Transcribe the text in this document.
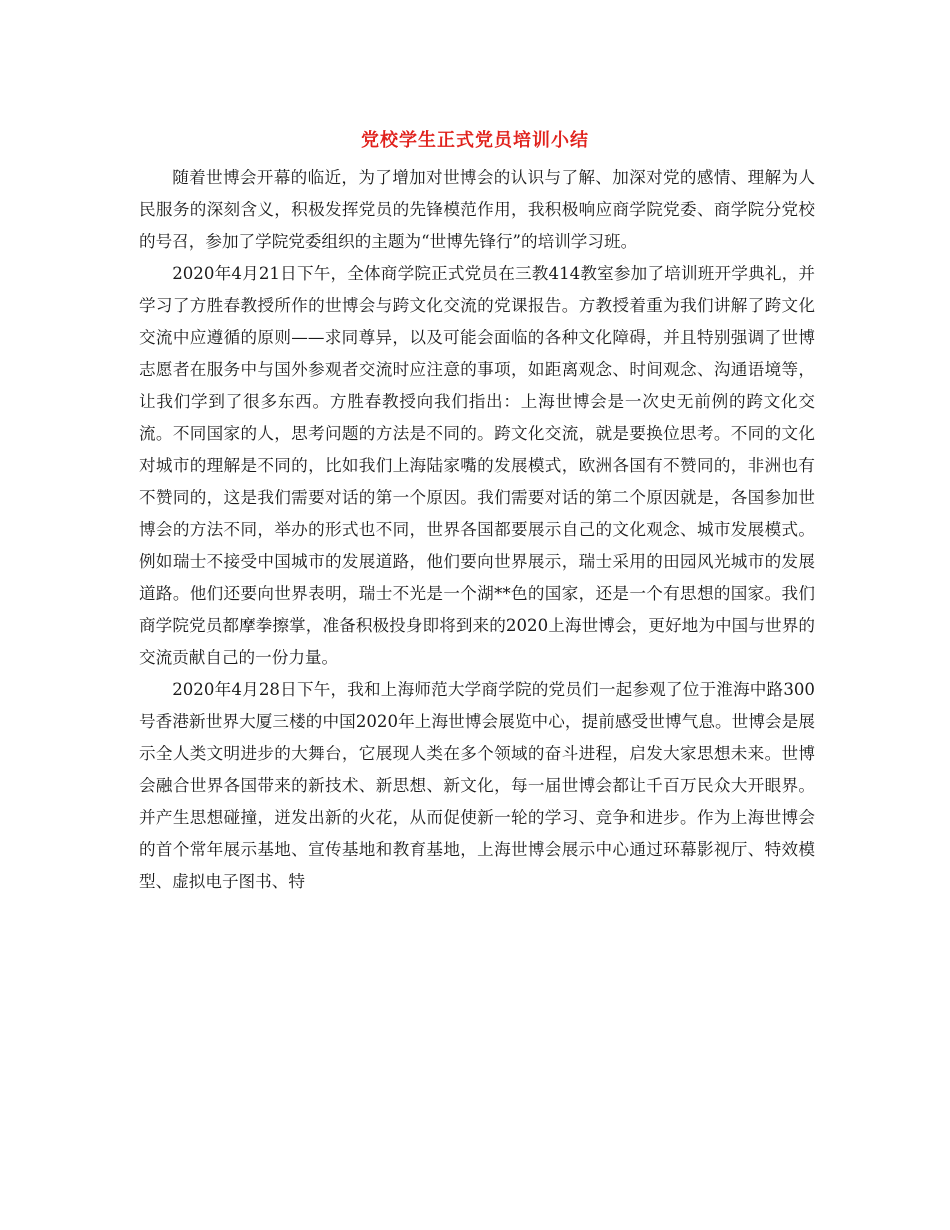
党校学生正式党员培训小结

随着世博会开幕的临近，为了增加对世博会的认识与了解、加深对党的感情、理解为人民服务的深刻含义，积极发挥党员的先锋模范作用，我积极响应商学院党委、商学院分党校的号召，参加了学院党委组织的主题为“世博先锋行”的培训学习班。

2020年4月21日下午，全体商学院正式党员在三教414教室参加了培训班开学典礼，并学习了方胜春教授所作的世博会与跨文化交流的党课报告。方教授着重为我们讲解了跨文化交流中应遵循的原则——求同尊异，以及可能会面临的各种文化障碍，并且特别强调了世博志愿者在服务中与国外参观者交流时应注意的事项，如距离观念、时间观念、沟通语境等，让我们学到了很多东西。方胜春教授向我们指出：上海世博会是一次史无前例的跨文化交流。不同国家的人，思考问题的方法是不同的。跨文化交流，就是要换位思考。不同的文化对城市的理解是不同的，比如我们上海陆家嘴的发展模式，欧洲各国有不赞同的，非洲也有不赞同的，这是我们需要对话的第一个原因。我们需要对话的第二个原因就是，各国参加世博会的方法不同，举办的形式也不同，世界各国都要展示自己的文化观念、城市发展模式。例如瑞士不接受中国城市的发展道路，他们要向世界展示，瑞士采用的田园风光城市的发展道路。他们还要向世界表明，瑞士不光是一个湖**色的国家，还是一个有思想的国家。我们商学院党员都摩拳擦掌，准备积极投身即将到来的2020上海世博会，更好地为中国与世界的交流贡献自己的一份力量。

2020年4月28日下午，我和上海师范大学商学院的党员们一起参观了位于淮海中路300号香港新世界大厦三楼的中国2020年上海世博会展览中心，提前感受世博气息。世博会是展示全人类文明进步的大舞台，它展现人类在多个领域的奋斗进程，启发大家思想未来。世博会融合世界各国带来的新技术、新思想、新文化，每一届世博会都让千百万民众大开眼界。并产生思想碰撞，迸发出新的火花，从而促使新一轮的学习、竞争和进步。作为上海世博会的首个常年展示基地、宣传基地和教育基地，上海世博会展示中心通过环幕影视厅、特效模型、虚拟电子图书、特
